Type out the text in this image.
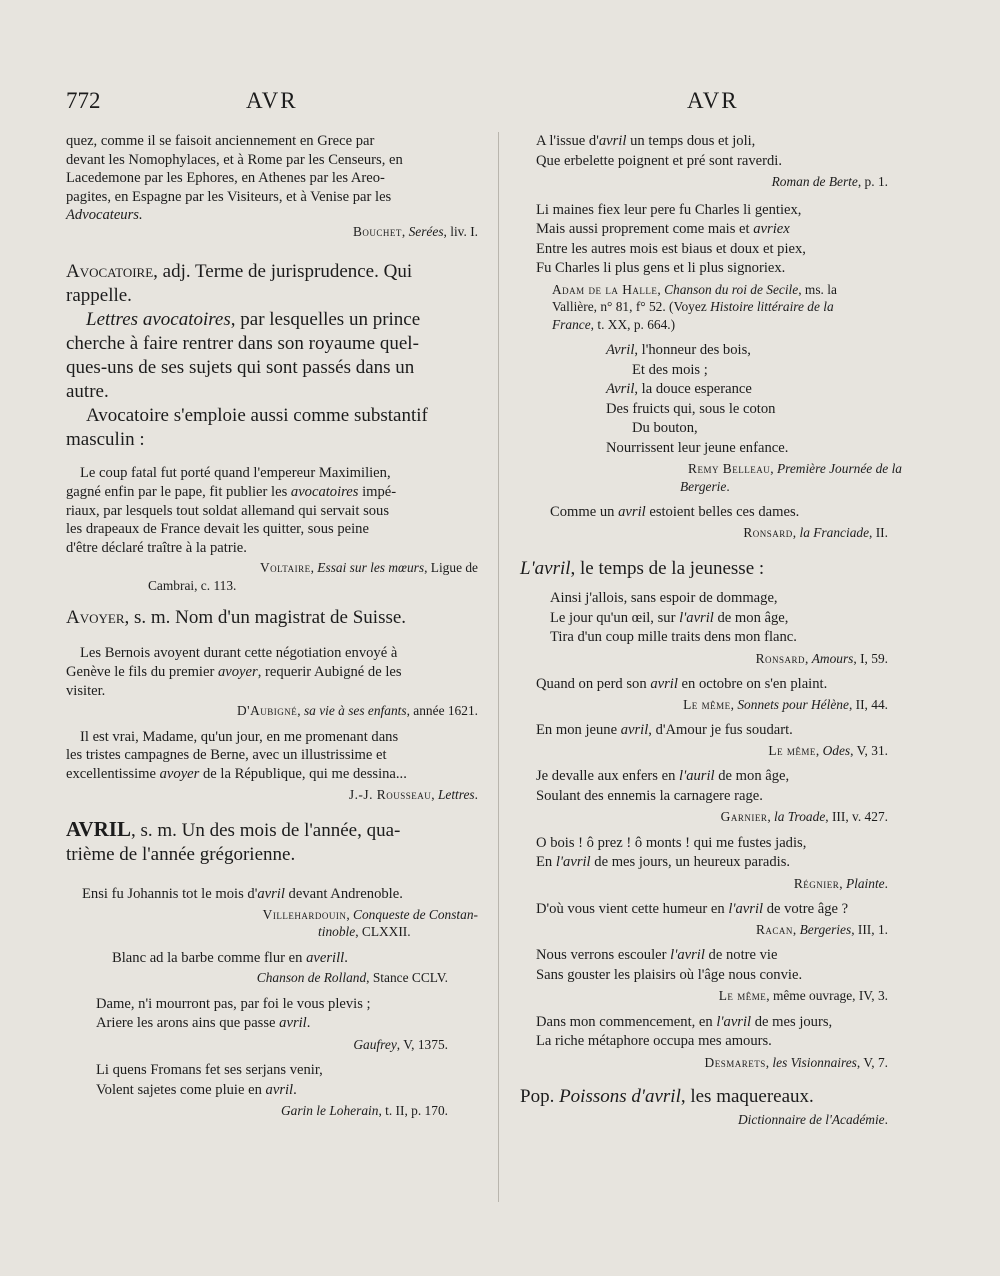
772	AVR	AVR
quez, comme il se faisoit anciennement en Grece par
devant les Nomophylaces, et à Rome par les Censeurs, en
Lacedemone par les Ephores, en Athenes par les Areo-
pagites, en Espagne par les Visiteurs, et à Venise par les
Advocateurs.
Bouchet, Serées, liv. I.
Avocatoire, adj. Terme de jurisprudence. Qui
rappelle.
Lettres avocatoires, par lesquelles un prince
cherche à faire rentrer dans son royaume quel-
ques-uns de ses sujets qui sont passés dans un
autre.
Avocatoire s'emploie aussi comme substantif
masculin :
Le coup fatal fut porté quand l'empereur Maximilien,
gagné enfin par le pape, fit publier les avocatoires impé-
riaux, par lesquels tout soldat allemand qui servait sous
les drapeaux de France devait les quitter, sous peine
d'être déclaré traître à la patrie.
Voltaire, Essai sur les mœurs, Ligue de
Cambrai, c. 113.
Avoyer, s. m. Nom d'un magistrat de Suisse.
Les Bernois avoyent durant cette négotiation envoyé à
Genève le fils du premier avoyer, requerir Aubigné de les
visiter.
D'Aubigné, sa vie à ses enfants, année 1621.
Il est vrai, Madame, qu'un jour, en me promenant dans
les tristes campagnes de Berne, avec un illustrissime et
excellentissime avoyer de la République, qui me dessina...
J.-J. Rousseau, Lettres.
AVRIL, s. m. Un des mois de l'année, qua-
trième de l'année grégorienne.
Ensi fu Johannis tot le mois d'avril devant Andrenoble.
Villehardouin, Conqueste de Constan-
tinoble, CLXXII.
Blanc ad la barbe comme flur en averill.
Chanson de Rolland, Stance CCLV.
Dame, n'i mourront pas, par foi le vous plevis ;
Ariere les arons ains que passe avril.
Gaufrey, V, 1375.
Li quens Fromans fet ses serjans venir,
Volent sajetes come pluie en avril.
Garin le Loherain, t. II, p. 170.
A l'issue d'avril un temps dous et joli,
Que erbelette poignent et pré sont raverdi.
Roman de Berte, p. 1.
Li maines fiex leur pere fu Charles li gentiex,
Mais aussi proprement come mais et avriex
Entre les autres mois est biaus et doux et piex,
Fu Charles li plus gens et li plus signoriex.
Adam de la Halle, Chanson du roi de Secile, ms. la
Vallière, n° 81, f° 52. (Voyez Histoire littéraire de la
France, t. XX, p. 664.)
Avril, l'honneur des bois,
Et des mois ;
Avril, la douce esperance
Des fruicts qui, sous le coton
Du bouton,
Nourrissent leur jeune enfance.
Remy Belleau, Première Journée de la
Bergerie.
Comme un avril estoient belles ces dames.
Ronsard, la Franciade, II.
L'avril, le temps de la jeunesse :
Ainsi j'allois, sans espoir de dommage,
Le jour qu'un œil, sur l'avril de mon âge,
Tira d'un coup mille traits dens mon flanc.
Ronsard, Amours, I, 59.
Quand on perd son avril en octobre on s'en plaint.
Le même, Sonnets pour Hélène, II, 44.
En mon jeune avril, d'Amour je fus soudart.
Le même, Odes, V, 31.
Je devalle aux enfers en l'auril de mon âge,
Soulant des ennemis la carnagere rage.
Garnier, la Troade, III, v. 427.
O bois ! ô prez ! ô monts ! qui me fustes jadis,
En l'avril de mes jours, un heureux paradis.
Régnier, Plainte.
D'où vous vient cette humeur en l'avril de votre âge ?
Racan, Bergeries, III, 1.
Nous verrons escouler l'avril de notre vie
Sans gouster les plaisirs où l'âge nous convie.
Le même, même ouvrage, IV, 3.
Dans mon commencement, en l'avril de mes jours,
La riche métaphore occupa mes amours.
Desmarets, les Visionnaires, V, 7.
Pop. Poissons d'avril, les maquereaux.
Dictionnaire de l'Académie.
